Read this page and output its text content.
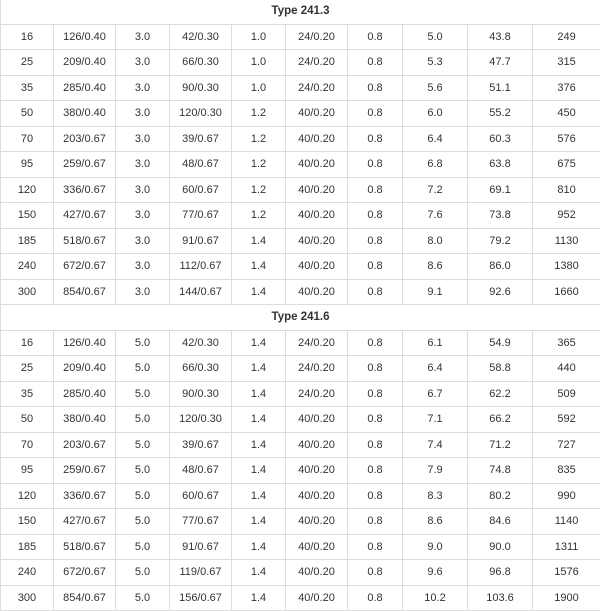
Type 241.3									
16	126/0.40	3.0	42/0.30	1.0	24/0.20	0.8	5.0	43.8	249
25	209/0.40	3.0	66/0.30	1.0	24/0.20	0.8	5.3	47.7	315
35	285/0.40	3.0	90/0.30	1.0	24/0.20	0.8	5.6	51.1	376
50	380/0.40	3.0	120/0.30	1.2	40/0.20	0.8	6.0	55.2	450
70	203/0.67	3.0	39/0.67	1.2	40/0.20	0.8	6.4	60.3	576
95	259/0.67	3.0	48/0.67	1.2	40/0.20	0.8	6.8	63.8	675
120	336/0.67	3.0	60/0.67	1.2	40/0.20	0.8	7.2	69.1	810
150	427/0.67	3.0	77/0.67	1.2	40/0.20	0.8	7.6	73.8	952
185	518/0.67	3.0	91/0.67	1.4	40/0.20	0.8	8.0	79.2	1130
240	672/0.67	3.0	112/0.67	1.4	40/0.20	0.8	8.6	86.0	1380
300	854/0.67	3.0	144/0.67	1.4	40/0.20	0.8	9.1	92.6	1660
Type 241.6									
16	126/0.40	5.0	42/0.30	1.4	24/0.20	0.8	6.1	54.9	365
25	209/0.40	5.0	66/0.30	1.4	24/0.20	0.8	6.4	58.8	440
35	285/0.40	5.0	90/0.30	1.4	24/0.20	0.8	6.7	62.2	509
50	380/0.40	5.0	120/0.30	1.4	40/0.20	0.8	7.1	66.2	592
70	203/0.67	5.0	39/0.67	1.4	40/0.20	0.8	7.4	71.2	727
95	259/0.67	5.0	48/0.67	1.4	40/0.20	0.8	7.9	74.8	835
120	336/0.67	5.0	60/0.67	1.4	40/0.20	0.8	8.3	80.2	990
150	427/0.67	5.0	77/0.67	1.4	40/0.20	0.8	8.6	84.6	1140
185	518/0.67	5.0	91/0.67	1.4	40/0.20	0.8	9.0	90.0	1311
240	672/0.67	5.0	119/0.67	1.4	40/0.20	0.8	9.6	96.8	1576
300	854/0.67	5.0	156/0.67	1.4	40/0.20	0.8	10.2	103.6	1900
